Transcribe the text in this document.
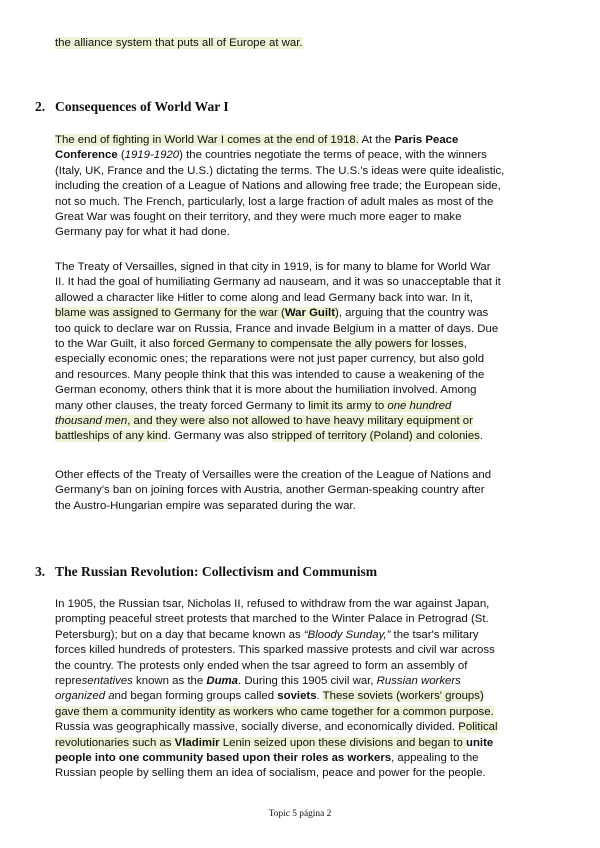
the alliance system that puts all of Europe at war.
2. Consequences of World War I
The end of fighting in World War I comes at the end of 1918. At the Paris Peace
Conference (1919-1920) the countries negotiate the terms of peace, with the winners
(Italy, UK, France and the U.S.) dictating the terms. The U.S.'s ideas were quite idealistic,
including the creation of a League of Nations and allowing free trade; the European side,
not so much. The French, particularly, lost a large fraction of adult males as most of the
Great War was fought on their territory, and they were much more eager to make
Germany pay for what it had done.
The Treaty of Versailles, signed in that city in 1919, is for many to blame for World War
II. It had the goal of humiliating Germany ad nauseam, and it was so unacceptable that it
allowed a character like Hitler to come along and lead Germany back into war. In it,
blame was assigned to Germany for the war (War Guilt), arguing that the country was
too quick to declare war on Russia, France and invade Belgium in a matter of days. Due
to the War Guilt, it also forced Germany to compensate the ally powers for losses,
especially economic ones; the reparations were not just paper currency, but also gold
and resources. Many people think that this was intended to cause a weakening of the
German economy, others think that it is more about the humiliation involved. Among
many other clauses, the treaty forced Germany to limit its army to one hundred
thousand men, and they were also not allowed to have heavy military equipment or
battleships of any kind. Germany was also stripped of territory (Poland) and colonies.
Other effects of the Treaty of Versailles were the creation of the League of Nations and
Germany's ban on joining forces with Austria, another German-speaking country after
the Austro-Hungarian empire was separated during the war.
3. The Russian Revolution: Collectivism and Communism
In 1905, the Russian tsar, Nicholas II, refused to withdraw from the war against Japan,
prompting peaceful street protests that marched to the Winter Palace in Petrograd (St.
Petersburg); but on a day that became known as “Bloody Sunday,” the tsar's military
forces killed hundreds of protesters. This sparked massive protests and civil war across
the country. The protests only ended when the tsar agreed to form an assembly of
representatives known as the Duma. During this 1905 civil war, Russian workers
organized and began forming groups called soviets. These soviets (workers' groups)
gave them a community identity as workers who came together for a common purpose.
Russia was geographically massive, socially diverse, and economically divided. Political
revolutionaries such as Vladimir Lenin seized upon these divisions and began to unite
people into one community based upon their roles as workers, appealing to the
Russian people by selling them an idea of socialism, peace and power for the people.
Topic 5 página 2
